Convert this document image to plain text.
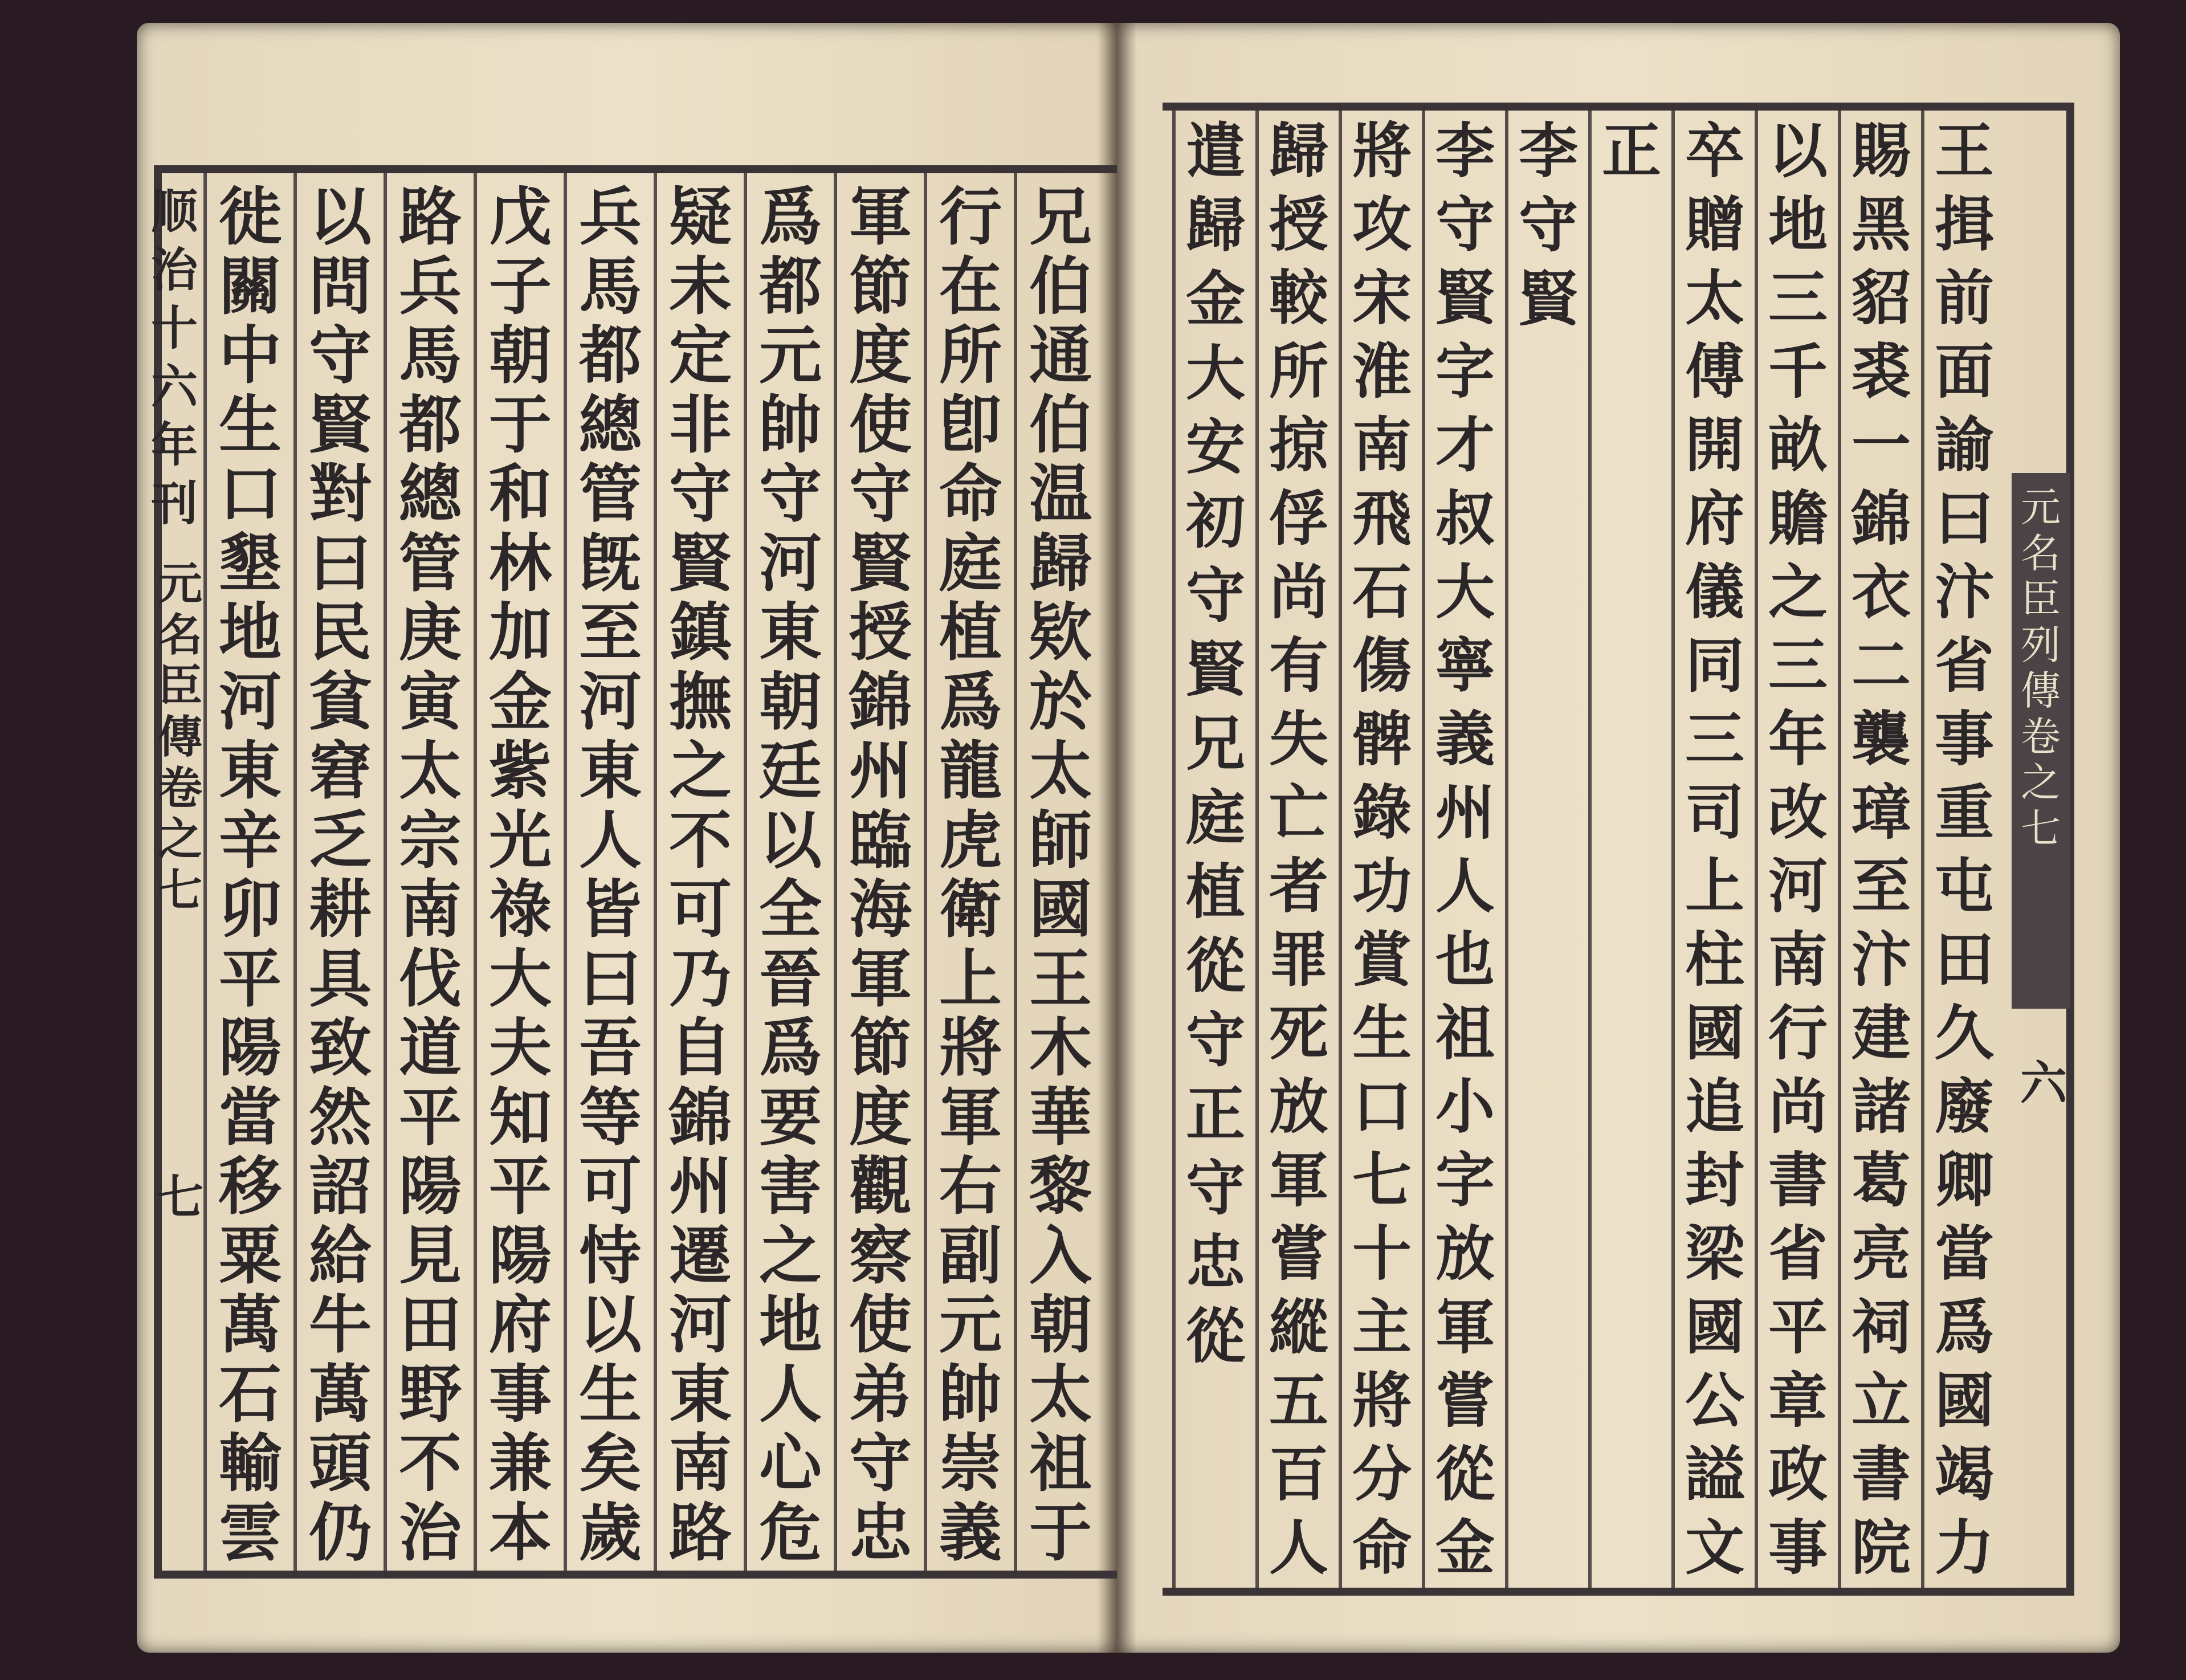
顺
治
十
六
年
刊
元
名
臣
傳
卷
之
七
七
元
名
臣
列
傳
卷
之
七
六
兄
伯
通
伯
温
歸
欵
於
太
師
國
王
木
華
黎
入
朝
太
祖
于
行
在
所
卽
命
庭
植
爲
龍
虎
衛
上
將
軍
右
副
元
帥
崇
義
軍
節
度
使
守
賢
授
錦
州
臨
海
軍
節
度
觀
察
使
弟
守
忠
爲
都
元
帥
守
河
東
朝
廷
以
全
晉
爲
要
害
之
地
人
心
危
疑
未
定
非
守
賢
鎮
撫
之
不
可
乃
自
錦
州
遷
河
東
南
路
兵
馬
都
總
管
旣
至
河
東
人
皆
曰
吾
等
可
恃
以
生
矣
歲
戊
子
朝
于
和
林
加
金
紫
光
祿
大
夫
知
平
陽
府
事
兼
本
路
兵
馬
都
總
管
庚
寅
太
宗
南
伐
道
平
陽
見
田
野
不
治
以
問
守
賢
對
曰
民
貧
窘
乏
耕
具
致
然
詔
給
牛
萬
頭
仍
徙
關
中
生
口
墾
地
河
東
辛
卯
平
陽
當
移
粟
萬
石
輸
雲
王
揖
前
面
諭
曰
汴
省
事
重
屯
田
久
廢
卿
當
爲
國
竭
力
賜
黑
貂
裘
一
錦
衣
二
襲
璋
至
汴
建
諸
葛
亮
祠
立
書
院
以
地
三
千
畝
贍
之
三
年
改
河
南
行
尚
書
省
平
章
政
事
卒
贈
太
傅
開
府
儀
同
三
司
上
柱
國
追
封
梁
國
公
謚
文
正
李
守
賢
李
守
賢
字
才
叔
大
寧
義
州
人
也
祖
小
字
放
軍
嘗
從
金
將
攻
宋
淮
南
飛
石
傷
髀
錄
功
賞
生
口
七
十
主
將
分
命
歸
授
較
所
掠
俘
尚
有
失
亡
者
罪
死
放
軍
嘗
縱
五
百
人
遣
歸
金
大
安
初
守
賢
兄
庭
植
從
守
正
守
忠
從
